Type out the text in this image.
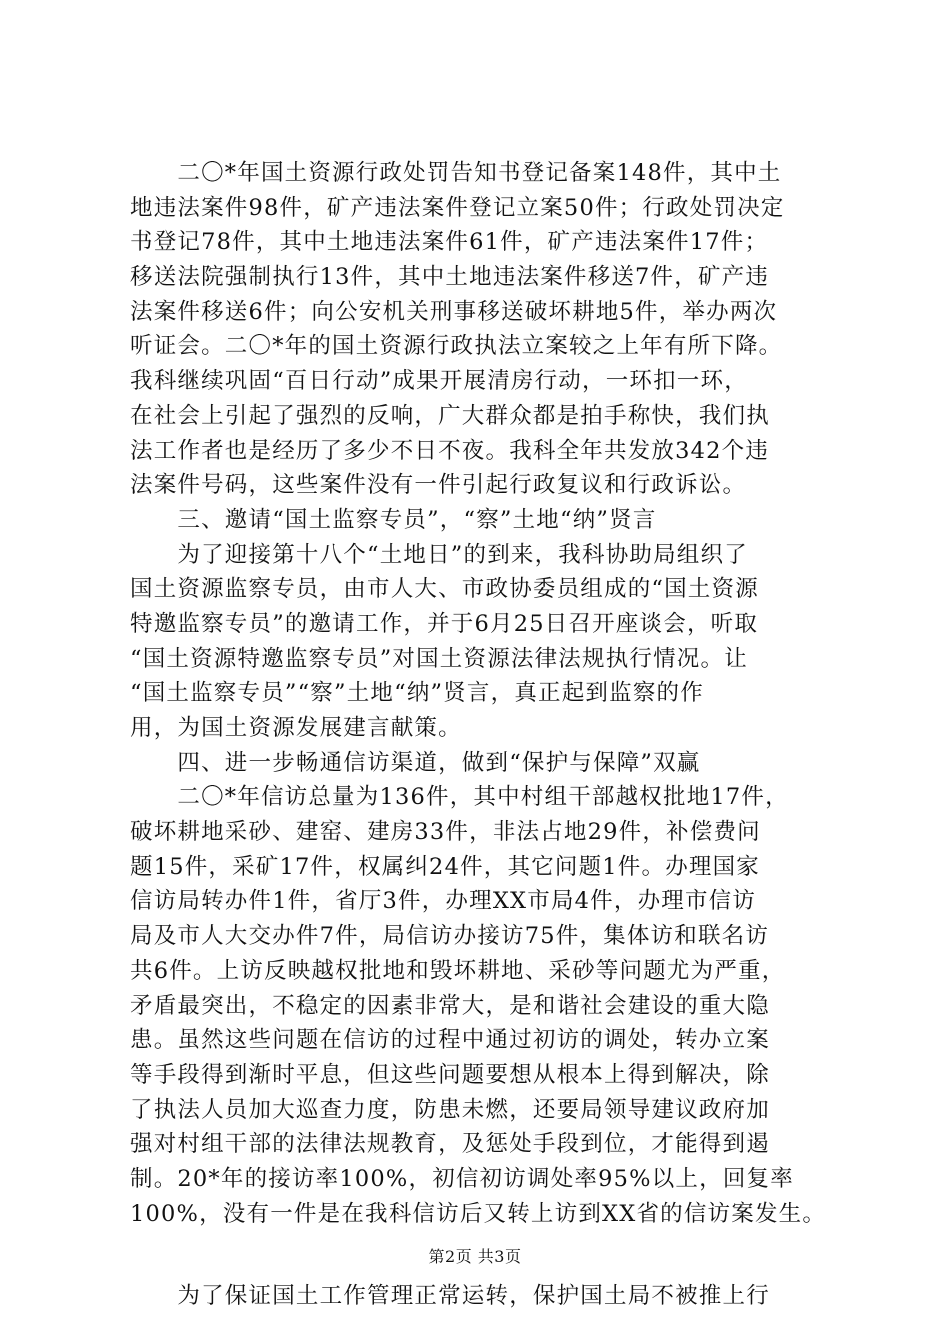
　　二〇*年国土资源行政处罚告知书登记备案148件，其中土
地违法案件98件，矿产违法案件登记立案50件；行政处罚决定
书登记78件，其中土地违法案件61件，矿产违法案件17件；
移送法院强制执行13件，其中土地违法案件移送7件，矿产违
法案件移送6件；向公安机关刑事移送破坏耕地5件，举办两次
听证会。二〇*年的国土资源行政执法立案较之上年有所下降。
我科继续巩固“百日行动”成果开展清房行动，一环扣一环，
在社会上引起了强烈的反响，广大群众都是拍手称快，我们执
法工作者也是经历了多少不日不夜。我科全年共发放342个违
法案件号码，这些案件没有一件引起行政复议和行政诉讼。
　　三、邀请“国土监察专员”，“察”土地“纳”贤言
　　为了迎接第十八个“土地日”的到来，我科协助局组织了
国土资源监察专员，由市人大、市政协委员组成的“国土资源
特邀监察专员”的邀请工作，并于6月25日召开座谈会，听取
“国土资源特邀监察专员”对国土资源法律法规执行情况。让
“国土监察专员”“察”土地“纳”贤言，真正起到监察的作
用，为国土资源发展建言献策。
　　四、进一步畅通信访渠道，做到“保护与保障”双赢
　　二〇*年信访总量为136件，其中村组干部越权批地17件，
破坏耕地采砂、建窑、建房33件，非法占地29件，补偿费问
题15件，采矿17件，权属纠24件，其它问题1件。办理国家
信访局转办件1件，省厅3件，办理XX市局4件，办理市信访
局及市人大交办件7件，局信访办接访75件，集体访和联名访
共6件。上访反映越权批地和毁坏耕地、采砂等问题尤为严重，
矛盾最突出，不稳定的因素非常大，是和谐社会建设的重大隐
患。虽然这些问题在信访的过程中通过初访的调处，转办立案
等手段得到渐时平息，但这些问题要想从根本上得到解决，除
了执法人员加大巡查力度，防患未燃，还要局领导建议政府加
强对村组干部的法律法规教育，及惩处手段到位，才能得到遏
制。20*年的接访率100%，初信初访调处率95%以上，回复率
100%，没有一件是在我科信访后又转上访到XX省的信访案发生。
　　为了保证国土工作管理正常运转，保护国土局不被推上行
第2页 共3页
